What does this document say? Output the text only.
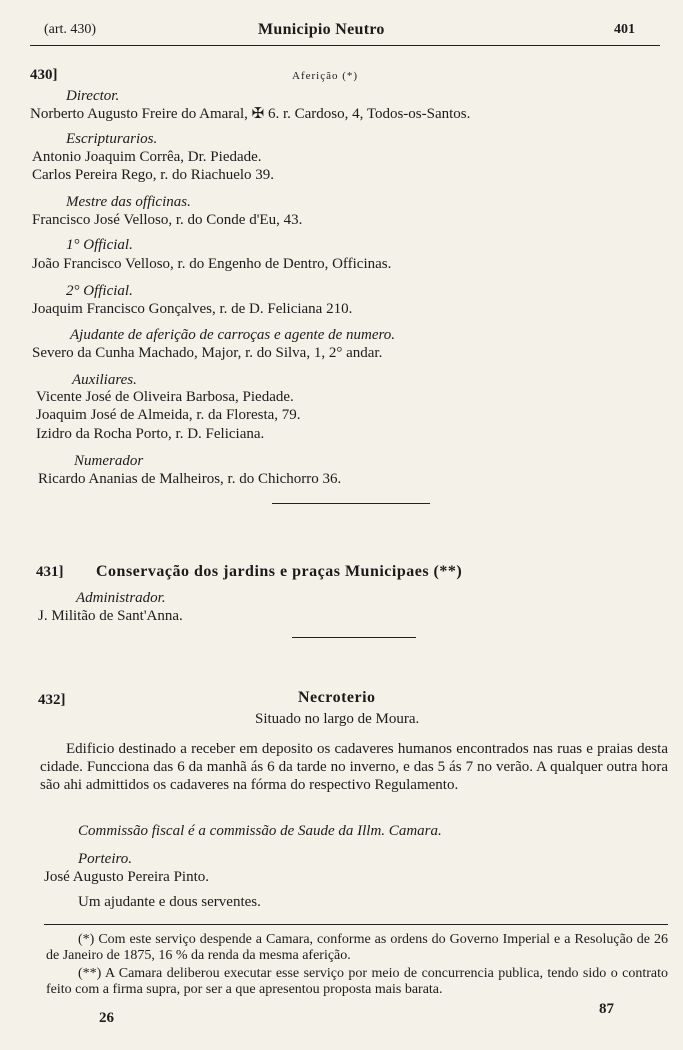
(art. 430)	Municipio Neutro	401
430]	Aferição (*)
Director.
Norberto Augusto Freire do Amaral, ✠ 6. r. Cardoso, 4, Todos-os-Santos.
Escripturarios.
Antonio Joaquim Corrêa, Dr. Piedade.
Carlos Pereira Rego, r. do Riachuelo 39.
Mestre das officinas.
Francisco José Velloso, r. do Conde d'Eu, 43.
1° Official.
João Francisco Velloso, r. do Engenho de Dentro, Officinas.
2° Official.
Joaquim Francisco Gonçalves, r. de D. Feliciana 210.
Ajudante de aferição de carroças e agente de numero.
Severo da Cunha Machado, Major, r. do Silva, 1, 2° andar.
Auxiliares.
Vicente José de Oliveira Barbosa, Piedade.
Joaquim José de Almeida, r. da Floresta, 79.
Izidro da Rocha Porto, r. D. Feliciana.
Numerador
Ricardo Ananias de Malheiros, r. do Chichorro 36.
431] Conservação dos jardins e praças Municipaes (**)
Administrador.
J. Militão de Sant'Anna.
432]	Necroterio
Situado no largo de Moura.
Edificio destinado a receber em deposito os cadaveres humanos encontrados nas ruas e praias desta cidade. Funcciona das 6 da manhã ás 6 da tarde no inverno, e das 5 ás 7 no verão. A qualquer outra hora são ahi admittidos os cadaveres na fórma do respectivo Regulamento.
Commissão fiscal é a commissão de Saude da Illm. Camara.
Porteiro.
José Augusto Pereira Pinto.
Um ajudante e dous serventes.
(*) Com este serviço despende a Camara, conforme as ordens do Governo Imperial e a Resolução de 26 de Janeiro de 1875, 16 % da renda da mesma aferição.
(**) A Camara deliberou executar esse serviço por meio de concurrencia publica, tendo sido o contrato feito com a firma supra, por ser a que apresentou proposta mais barata.
26
87
